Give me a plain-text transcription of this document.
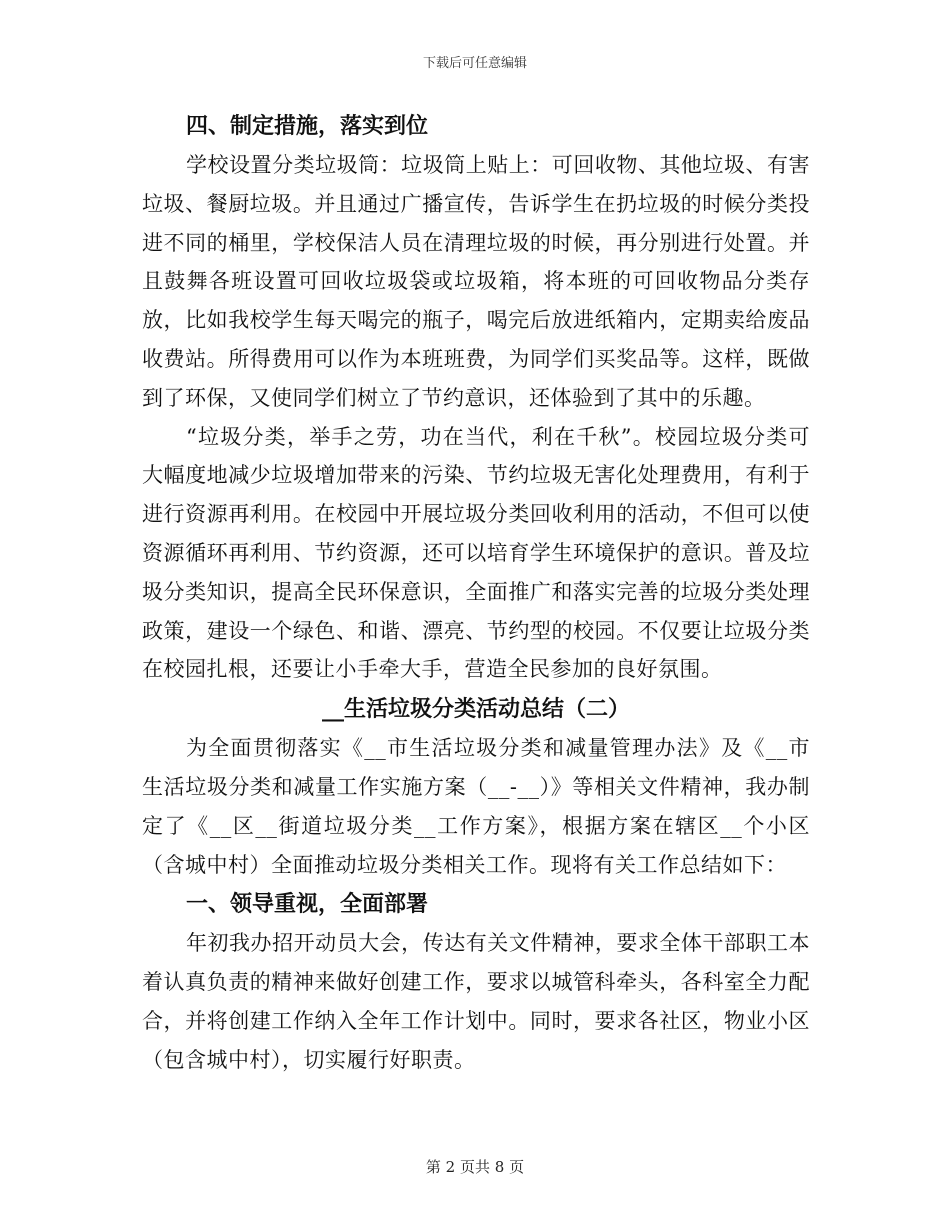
下载后可任意编辑
四、制定措施，落实到位

学校设置分类垃圾筒：垃圾筒上贴上：可回收物、其他垃圾、有害垃圾、餐厨垃圾。并且通过广播宣传，告诉学生在扔垃圾的时候分类投进不同的桶里，学校保洁人员在清理垃圾的时候，再分别进行处置。并且鼓舞各班设置可回收垃圾袋或垃圾箱，将本班的可回收物品分类存放，比如我校学生每天喝完的瓶子，喝完后放进纸箱内，定期卖给废品收费站。所得费用可以作为本班班费，为同学们买奖品等。这样，既做到了环保，又使同学们树立了节约意识，还体验到了其中的乐趣。

“垃圾分类，举手之劳，功在当代，利在千秋”。校园垃圾分类可大幅度地减少垃圾增加带来的污染、节约垃圾无害化处理费用，有利于进行资源再利用。在校园中开展垃圾分类回收利用的活动，不但可以使资源循环再利用、节约资源，还可以培育学生环境保护的意识。普及垃圾分类知识，提高全民环保意识，全面推广和落实完善的垃圾分类处理政策，建设一个绿色、和谐、漂亮、节约型的校园。不仅要让垃圾分类在校园扎根，还要让小手牵大手，营造全民参加的良好氛围。

__生活垃圾分类活动总结（二）

为全面贯彻落实《__市生活垃圾分类和减量管理办法》及《__市生活垃圾分类和减量工作实施方案（__-__）》等相关文件精神，我办制定了《__区__街道垃圾分类__工作方案》，根据方案在辖区__个小区（含城中村）全面推动垃圾分类相关工作。现将有关工作总结如下：

一、领导重视，全面部署

年初我办招开动员大会，传达有关文件精神，要求全体干部职工本着认真负责的精神来做好创建工作，要求以城管科牵头，各科室全力配合，并将创建工作纳入全年工作计划中。同时，要求各社区，物业小区（包含城中村），切实履行好职责。

第 2 页共 8 页
